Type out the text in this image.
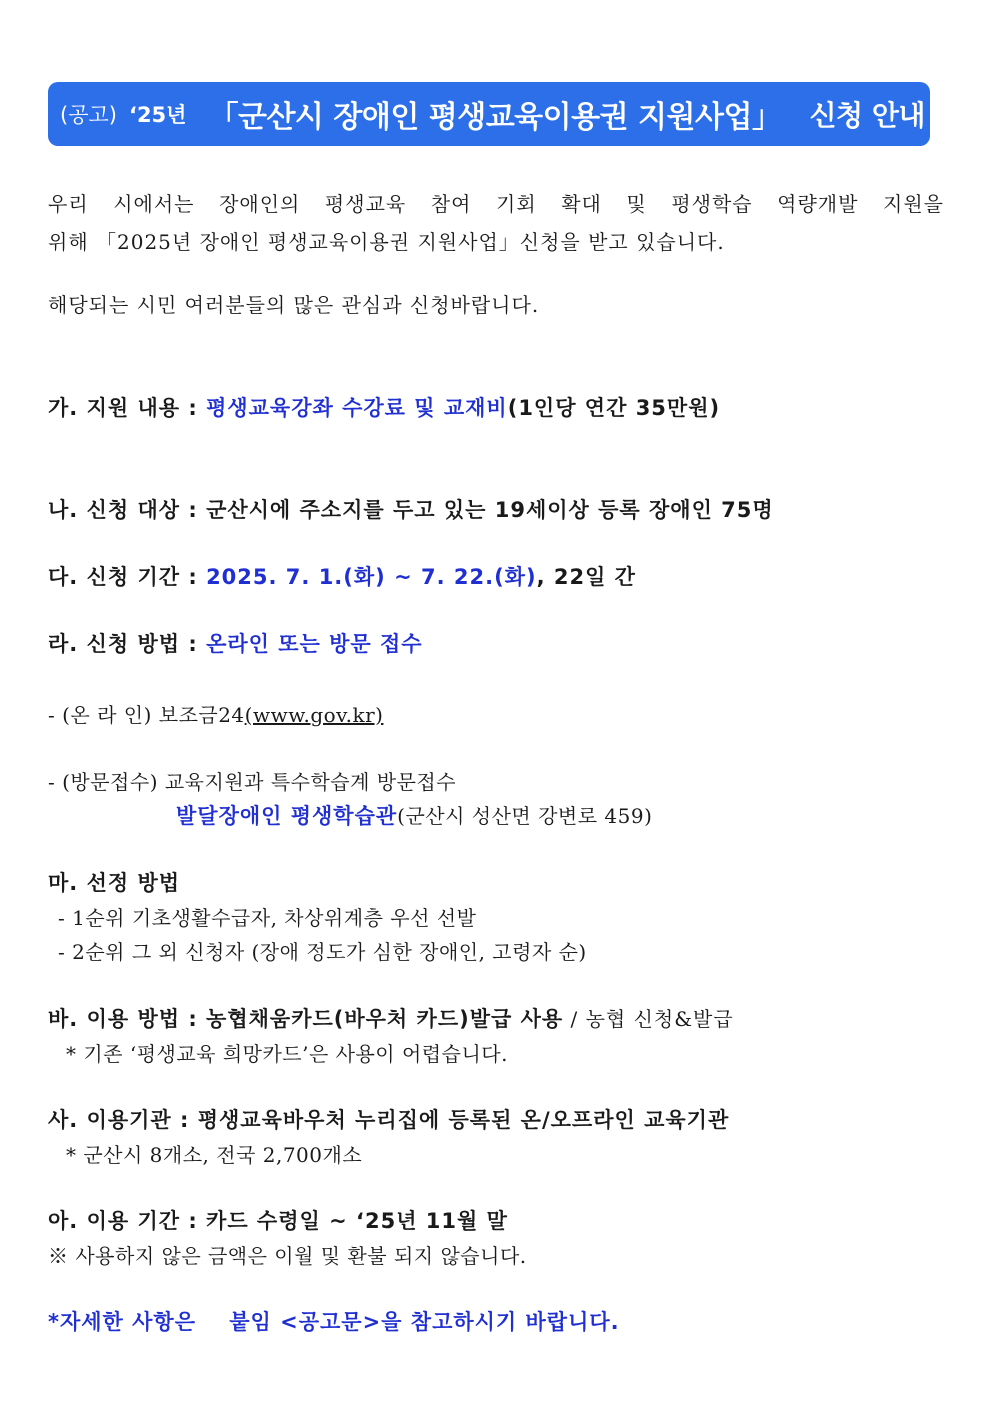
(공고) ‘25년 「군산시 장애인 평생교육이용권 지원사업」 신청 안내
우리 시에서는 장애인의 평생교육 참여 기회 확대 및 평생학습 역량개발 지원을
위해 「2025년 장애인 평생교육이용권 지원사업」신청을 받고 있습니다.
해당되는 시민 여러분들의 많은 관심과 신청바랍니다.
가. 지원 내용 : 평생교육강좌 수강료 및 교재비(1인당 연간 35만원)
나. 신청 대상 : 군산시에 주소지를 두고 있는 19세이상 등록 장애인 75명
다. 신청 기간 : 2025. 7. 1.(화) ~ 7. 22.(화), 22일 간
라. 신청 방법 : 온라인 또는 방문 접수
- (온 라 인) 보조금24(www.gov.kr)
- (방문접수) 교육지원과 특수학습계 방문접수
발달장애인 평생학습관(군산시 성산면 강변로 459)
마. 선정 방법
- 1순위 기초생활수급자, 차상위계층 우선 선발
- 2순위 그 외 신청자 (장애 정도가 심한 장애인, 고령자 순)
바. 이용 방법 : 농협채움카드(바우처 카드)발급 사용 / 농협 신청&발급
* 기존 ‘평생교육 희망카드’은 사용이 어렵습니다.
사. 이용기관 : 평생교육바우처 누리집에 등록된 온/오프라인 교육기관
* 군산시 8개소, 전국 2,700개소
아. 이용 기간 : 카드 수령일 ~ ‘25년 11월 말
※ 사용하지 않은 금액은 이월 및 환불 되지 않습니다.
*자세한 사항은    붙임 <공고문>을 참고하시기 바랍니다.
